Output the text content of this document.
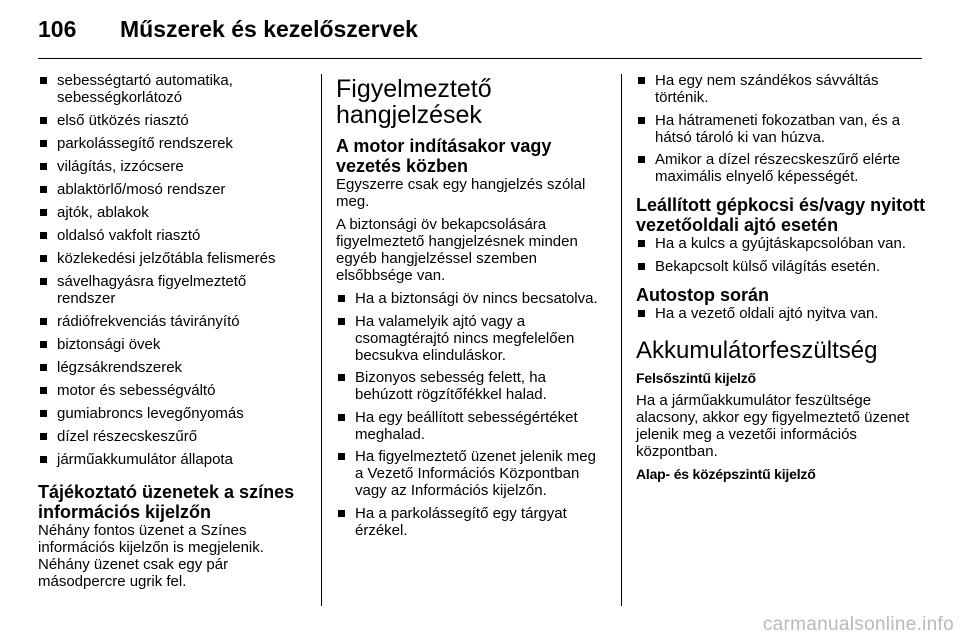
106 Műszerek és kezelőszervek
sebességtartó automatika, sebességkorlátozó
első ütközés riasztó
parkolássegítő rendszerek
világítás, izzócsere
ablaktörlő/mosó rendszer
ajtók, ablakok
oldalsó vakfolt riasztó
közlekedési jelzőtábla felismerés
sávelhagyásra figyelmeztető rendszer
rádiófrekvenciás távirányító
biztonsági övek
légzsákrendszerek
motor és sebességváltó
gumiabroncs levegőnyomás
dízel részecskeszűrő
járműakkumulátor állapota
Tájékoztató üzenetek a színes információs kijelzőn

Néhány fontos üzenet a Színes információs kijelzőn is megjelenik. Néhány üzenet csak egy pár másodpercre ugrik fel.

Figyelmeztető hangjelzések
A motor indításakor vagy vezetés közben

Egyszerre csak egy hangjelzés szólal meg.

A biztonsági öv bekapcsolására figyelmeztető hangjelzésnek minden egyéb hangjelzéssel szemben elsőbbsége van.

Ha a biztonsági öv nincs becsatolva.
Ha valamelyik ajtó vagy a csomagtérajtó nincs megfelelően becsukva elinduláskor.
Bizonyos sebesség felett, ha behúzott rögzítőfékkel halad.
Ha egy beállított sebességértéket meghalad.
Ha figyelmeztető üzenet jelenik meg a Vezető Információs Központban vagy az Információs kijelzőn.
Ha a parkolássegítő egy tárgyat érzékel.
Ha egy nem szándékos sávváltás történik.
Ha hátrameneti fokozatban van, és a hátsó tároló ki van húzva.
Amikor a dízel részecskeszűrő elérte maximális elnyelő képességét.
Leállított gépkocsi és/vagy nyitott vezetőoldali ajtó esetén
Ha a kulcs a gyújtáskapcsolóban van.
Bekapcsolt külső világítás esetén.
Autostop során
Ha a vezető oldali ajtó nyitva van.
Akkumulátorfeszültség
Felsőszintű kijelző

Ha a járműakkumulátor feszültsége alacsony, akkor egy figyelmeztető üzenet jelenik meg a vezetői információs központban.

Alap- és középszintű kijelző
carmanualsonline.info
